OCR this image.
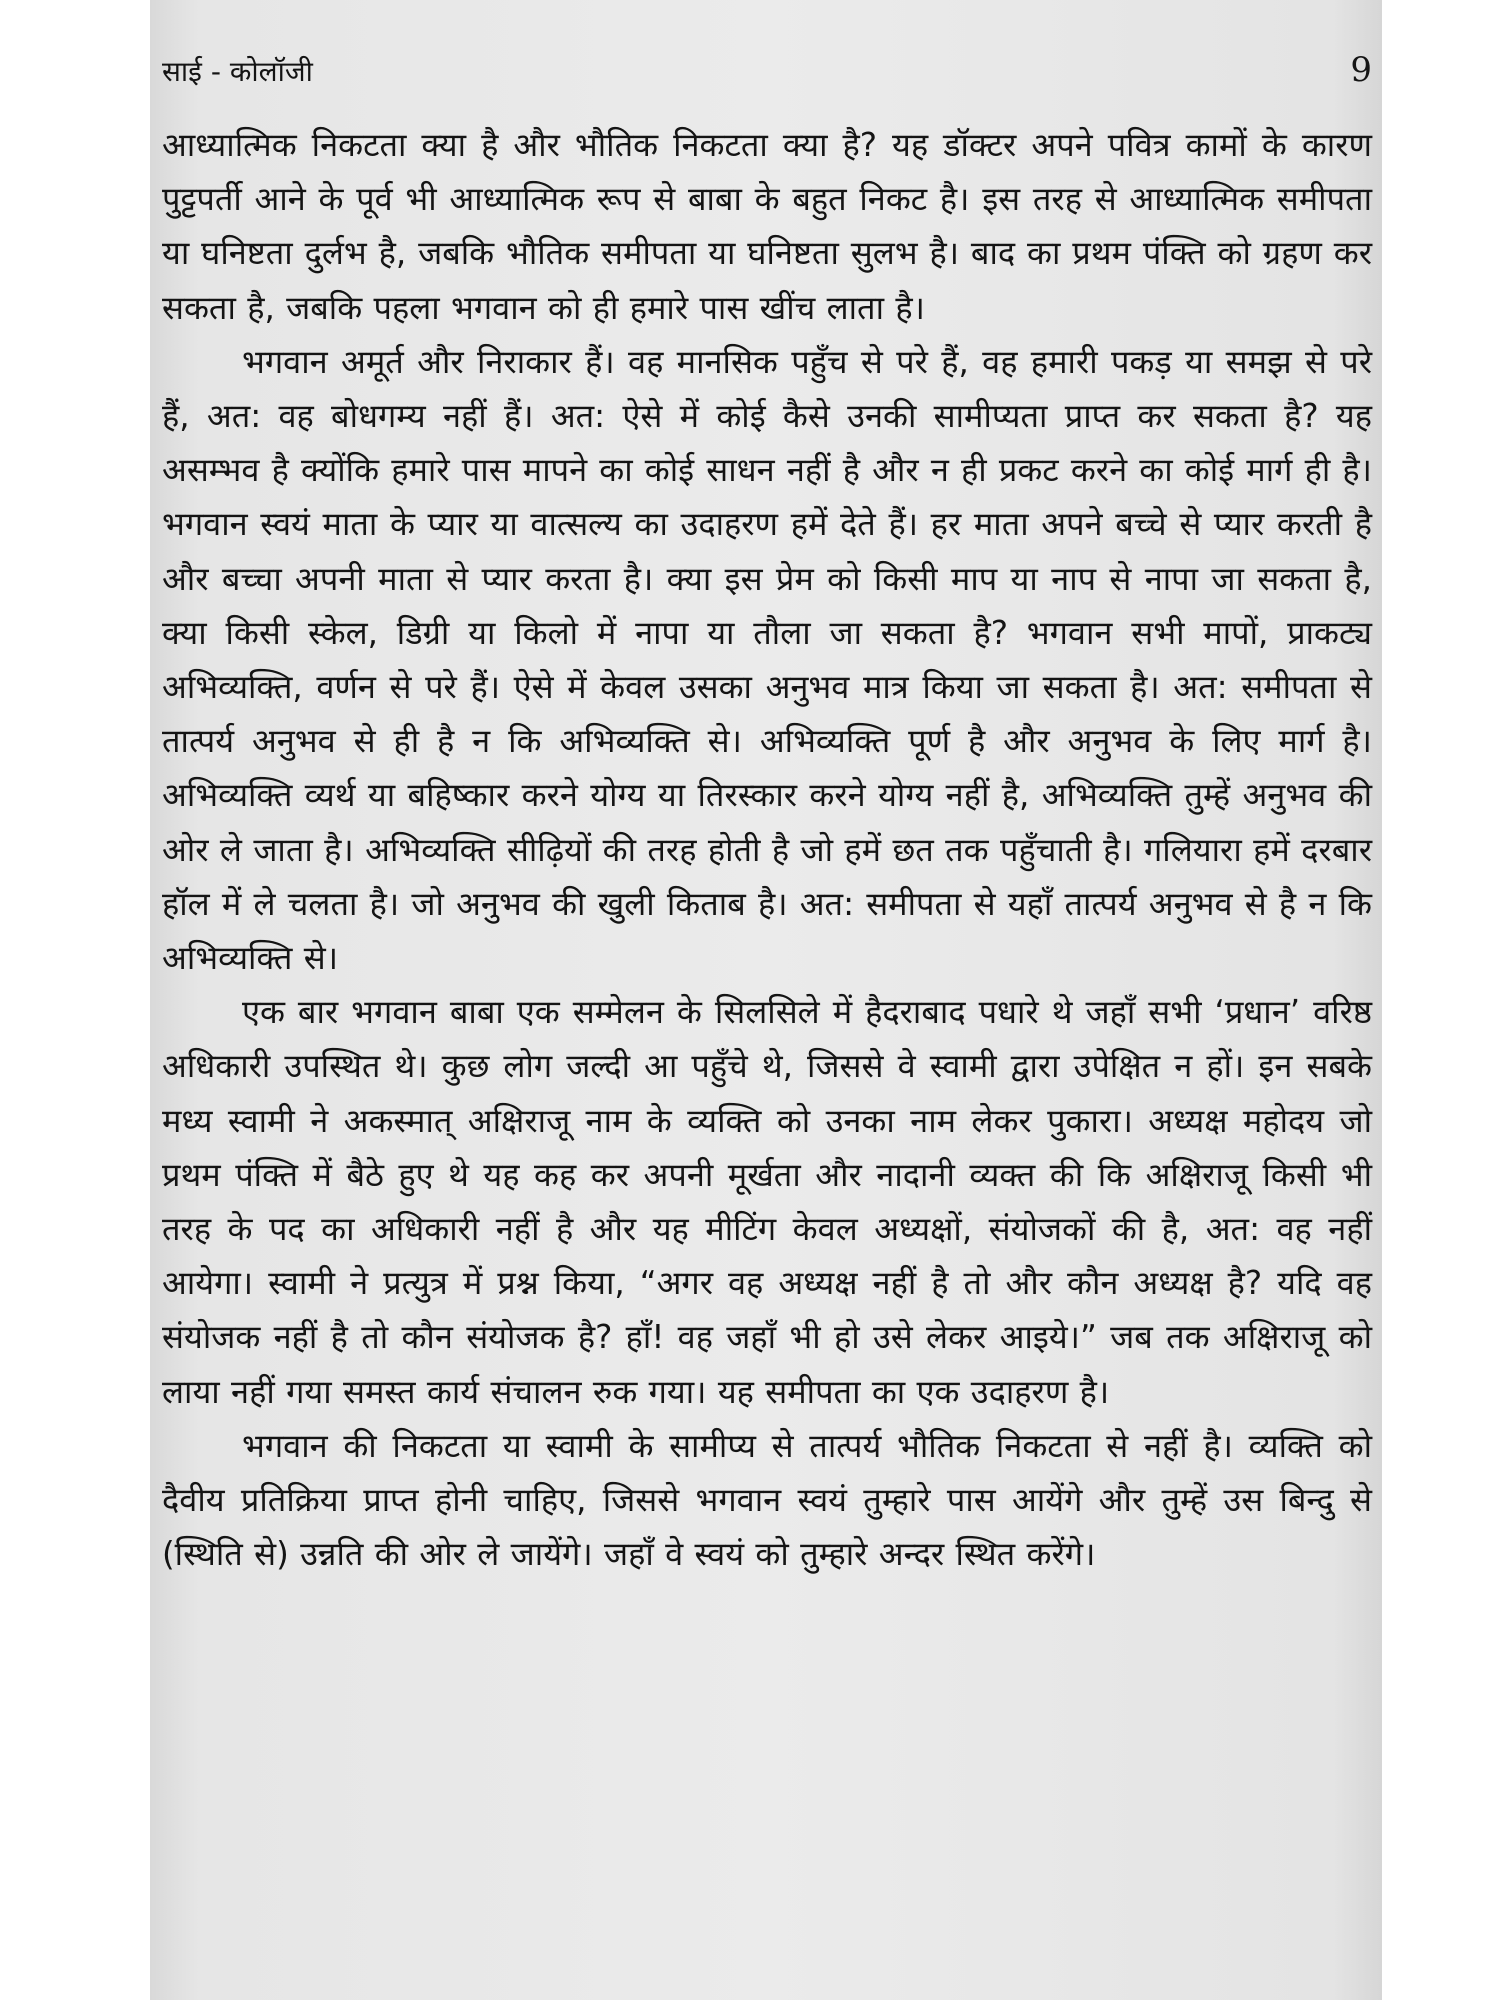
साई - कोलॉजी	9

आध्यात्मिक निकटता क्या है और भौतिक निकटता क्या है? यह डॉक्टर अपने पवित्र कामों के कारण पुट्टपर्ती आने के पूर्व भी आध्यात्मिक रूप से बाबा के बहुत निकट है। इस तरह से आध्यात्मिक समीपता या घनिष्टता दुर्लभ है, जबकि भौतिक समीपता या घनिष्टता सुलभ है। बाद का प्रथम पंक्ति को ग्रहण कर सकता है, जबकि पहला भगवान को ही हमारे पास खींच लाता है।

भगवान अमूर्त और निराकार हैं। वह मानसिक पहुँच से परे हैं, वह हमारी पकड़ या समझ से परे हैं, अत: वह बोधगम्य नहीं हैं। अत: ऐसे में कोई कैसे उनकी सामीप्यता प्राप्त कर सकता है? यह असम्भव है क्योंकि हमारे पास मापने का कोई साधन नहीं है और न ही प्रकट करने का कोई मार्ग ही है। भगवान स्वयं माता के प्यार या वात्सल्य का उदाहरण हमें देते हैं। हर माता अपने बच्चे से प्यार करती है और बच्चा अपनी माता से प्यार करता है। क्या इस प्रेम को किसी माप या नाप से नापा जा सकता है, क्या किसी स्केल, डिग्री या किलो में नापा या तौला जा सकता है? भगवान सभी मापों, प्राकट्य अभिव्यक्ति, वर्णन से परे हैं। ऐसे में केवल उसका अनुभव मात्र किया जा सकता है। अत: समीपता से तात्पर्य अनुभव से ही है न कि अभिव्यक्ति से। अभिव्यक्ति पूर्ण है और अनुभव के लिए मार्ग है। अभिव्यक्ति व्यर्थ या बहिष्कार करने योग्य या तिरस्कार करने योग्य नहीं है, अभिव्यक्ति तुम्हें अनुभव की ओर ले जाता है। अभिव्यक्ति सीढ़ियों की तरह होती है जो हमें छत तक पहुँचाती है। गलियारा हमें दरबार हॉल में ले चलता है। जो अनुभव की खुली किताब है। अत: समीपता से यहाँ तात्पर्य अनुभव से है न कि अभिव्यक्ति से।

एक बार भगवान बाबा एक सम्मेलन के सिलसिले में हैदराबाद पधारे थे जहाँ सभी ‘प्रधान’ वरिष्ठ अधिकारी उपस्थित थे। कुछ लोग जल्दी आ पहुँचे थे, जिससे वे स्वामी द्वारा उपेक्षित न हों। इन सबके मध्य स्वामी ने अकस्मात् अक्षिराजू नाम के व्यक्ति को उनका नाम लेकर पुकारा। अध्यक्ष महोदय जो प्रथम पंक्ति में बैठे हुए थे यह कह कर अपनी मूर्खता और नादानी व्यक्त की कि अक्षिराजू किसी भी तरह के पद का अधिकारी नहीं है और यह मीटिंग केवल अध्यक्षों, संयोजकों की है, अत: वह नहीं आयेगा। स्वामी ने प्रत्युत्र में प्रश्न किया, “अगर वह अध्यक्ष नहीं है तो और कौन अध्यक्ष है? यदि वह संयोजक नहीं है तो कौन संयोजक है? हाँ! वह जहाँ भी हो उसे लेकर आइये।” जब तक अक्षिराजू को लाया नहीं गया समस्त कार्य संचालन रुक गया। यह समीपता का एक उदाहरण है।

भगवान की निकटता या स्वामी के सामीप्य से तात्पर्य भौतिक निकटता से नहीं है। व्यक्ति को दैवीय प्रतिक्रिया प्राप्त होनी चाहिए, जिससे भगवान स्वयं तुम्हारे पास आयेंगे और तुम्हें उस बिन्दु से (स्थिति से) उन्नति की ओर ले जायेंगे। जहाँ वे स्वयं को तुम्हारे अन्दर स्थित करेंगे।
